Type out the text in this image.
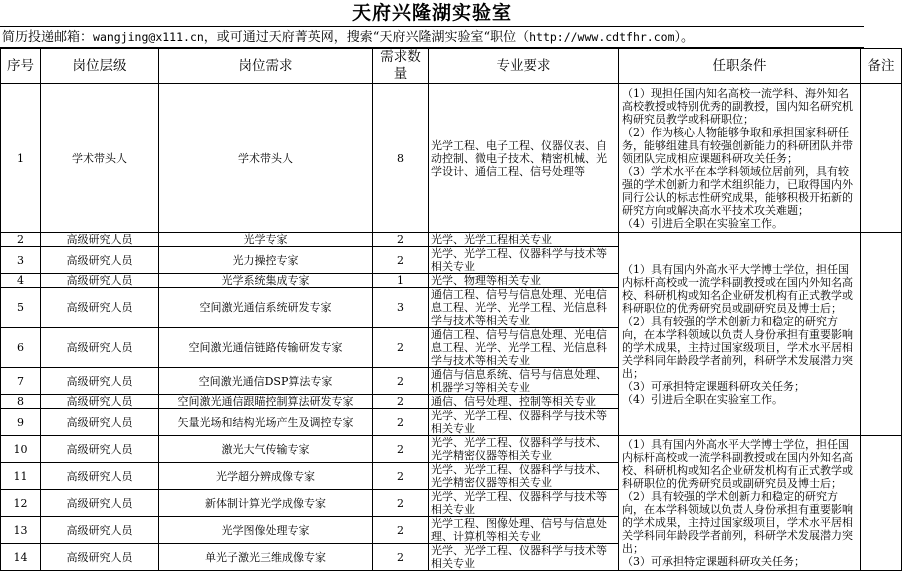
天府兴隆湖实验室
简历投递邮箱：wangjing@x111.cn，或可通过天府菁英网，搜索“天府兴隆湖实验室“职位（http://www.cdtfhr.com）。
序号	岗位层级	岗位需求	需求数量	专业要求	任职条件	备注
1	学术带头人	学术带头人	8	光学工程、电子工程、仪器仪表、自动控制、微电子技术、精密机械、光学设计、通信工程、信号处理等	（1）现担任国内知名高校一流学科、海外知名高校教授或特别优秀的副教授，国内知名研究机构研究员教学或科研职位；

（2）作为核心人物能够争取和承担国家科研任务，能够组建具有较强创新能力的科研团队并带领团队完成相应课题科研攻关任务；

（3）学术水平在本学科领域位居前列，具有较强的学术创新力和学术组织能力，已取得国内外同行公认的标志性研究成果，能够积极开拓新的研究方向或解决高水平技术攻关难题；

（4）引进后全职在实验室工作。	

2	高级研究人员	光学专家	2	光学、光学工程相关专业	（1）具有国内外高水平大学博士学位，担任国内标杆高校或一流学科副教授或在国内外知名高校、科研机构或知名企业研发机构有正式教学或科研职位的优秀研究员或副研究员及博士后；

（2）具有较强的学术创新力和稳定的研究方向，在本学科领域以负责人身份承担有重要影响的学术成果，主持过国家级项目，学术水平居相关学科同年龄段学者前列，科研学术发展潜力突出；

（3）可承担特定课题科研攻关任务；

（4）引进后全职在实验室工作。	

3	高级研究人员	光力操控专家	2	光学、光学工程、仪器科学与技术等相关专业		
4	高级研究人员	光学系统集成专家	1	光学、物理等相关专业		
5	高级研究人员	空间激光通信系统研发专家	3	通信工程、信号与信息处理、光电信息工程、光学、光学工程、光信息科学与技术等相关专业		
6	高级研究人员	空间激光通信链路传输研发专家	2	通信工程、信号与信息处理、光电信息工程、光学、光学工程、光信息科学与技术等相关专业		
7	高级研究人员	空间激光通信DSP算法专家	2	通信与信息系统、信号与信息处理、机器学习等相关专业		
8	高级研究人员	空间激光通信跟瞄控制算法研发专家	2	通信、信号处理、控制等相关专业		
9	高级研究人员	矢量光场和结构光场产生及调控专家	2	光学、光学工程、仪器科学与技术等相关专业		
10	高级研究人员	激光大气传输专家	2	光学、光学工程、仪器科学与技术、光学精密仪器等相关专业	（1）具有国内外高水平大学博士学位，担任国内标杆高校或一流学科副教授或在国内外知名高校、科研机构或知名企业研发机构有正式教学或科研职位的优秀研究员或副研究员及博士后；

（2）具有较强的学术创新力和稳定的研究方向，在本学科领域以负责人身份承担有重要影响的学术成果，主持过国家级项目，学术水平居相关学科同年龄段学者前列，科研学术发展潜力突出；

（3）可承担特定课题科研攻关任务；	

11	高级研究人员	光学超分辨成像专家	2	光学、光学工程、仪器科学与技术、光学精密仪器等相关专业		
12	高级研究人员	新体制计算光学成像专家	2	光学、光学工程、仪器科学与技术等相关专业		
13	高级研究人员	光学图像处理专家	2	光学工程、图像处理、信号与信息处理、计算机等相关专业		
14	高级研究人员	单光子激光三维成像专家	2	光学、光学工程、仪器科学与技术等相关专业		
